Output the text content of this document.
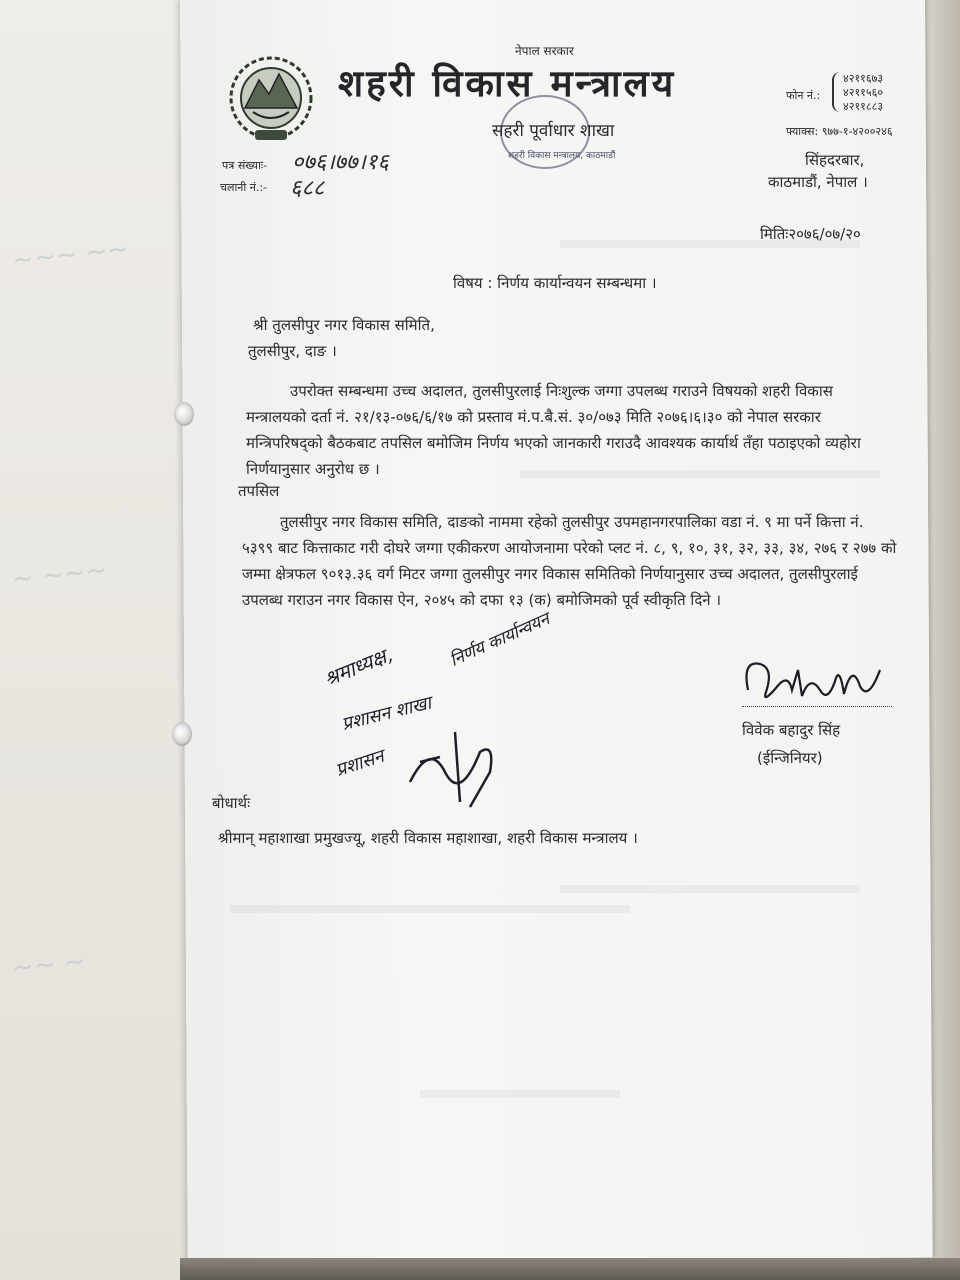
~~~ ~~
~ ~~~
~~ ~
नेपाल सरकार
शहरी विकास मन्त्रालय
सहरी पूर्वाधार शाखा
शहरी विकास मन्त्रालय, काठमाडौं
फोन नं.:
४२११६७३
४२११५६०
४२११८८३
फ्याक्स: ९७७-१-४२००२४६
सिंहदरबार,
काठमाडौं, नेपाल ।
पत्र संख्याः- ०७६।७७।१६
चलानी नं.:- ६८८
मितिः२०७६/०७/२०
विषय : निर्णय कार्यान्वयन सम्बन्धमा ।
श्री तुलसीपुर नगर विकास समिति,
तुलसीपुर, दाङ ।
उपरोक्त सम्बन्धमा उच्च अदालत, तुलसीपुरलाई निःशुल्क जग्गा उपलब्ध गराउने विषयको शहरी विकास मन्त्रालयको दर्ता नं. २१/१३-०७६/६/१७ को प्रस्ताव मं.प.बै.सं. ३०/०७३ मिति २०७६।६।३० को नेपाल सरकार मन्त्रिपरिषद्को बैठकबाट तपसिल बमोजिम निर्णय भएको जानकारी गराउदै आवश्यक कार्यार्थ तँहा पठाइएको व्यहोरा निर्णयानुसार अनुरोध छ ।
तपसिल
तुलसीपुर नगर विकास समिति, दाङको नाममा रहेको तुलसीपुर उपमहानगरपालिका वडा नं. ९ मा पर्ने कित्ता नं. ५३९९ बाट कित्ताकाट गरी दोघरे जग्गा एकीकरण आयोजनामा परेको प्लट नं. ८, ९, १०, ३१, ३२, ३३, ३४, २७६ र २७७ को जम्मा क्षेत्रफल ९०१३.३६ वर्ग मिटर जग्गा तुलसीपुर नगर विकास समितिको निर्णयानुसार उच्च अदालत, तुलसीपुरलाई उपलब्ध गराउन नगर विकास ऐन, २०४५ को दफा १३ (क) बमोजिमको पूर्व स्वीकृति दिने ।
श्रमाध्यक्ष,	निर्णय कार्यान्वयन
प्रशासन शाखा
प्रशासन
विवेक बहादुर सिंह
(ईन्जिनियर)
बोधार्थः
श्रीमान् महाशाखा प्रमुखज्यू, शहरी विकास महाशाखा, शहरी विकास मन्त्रालय ।
